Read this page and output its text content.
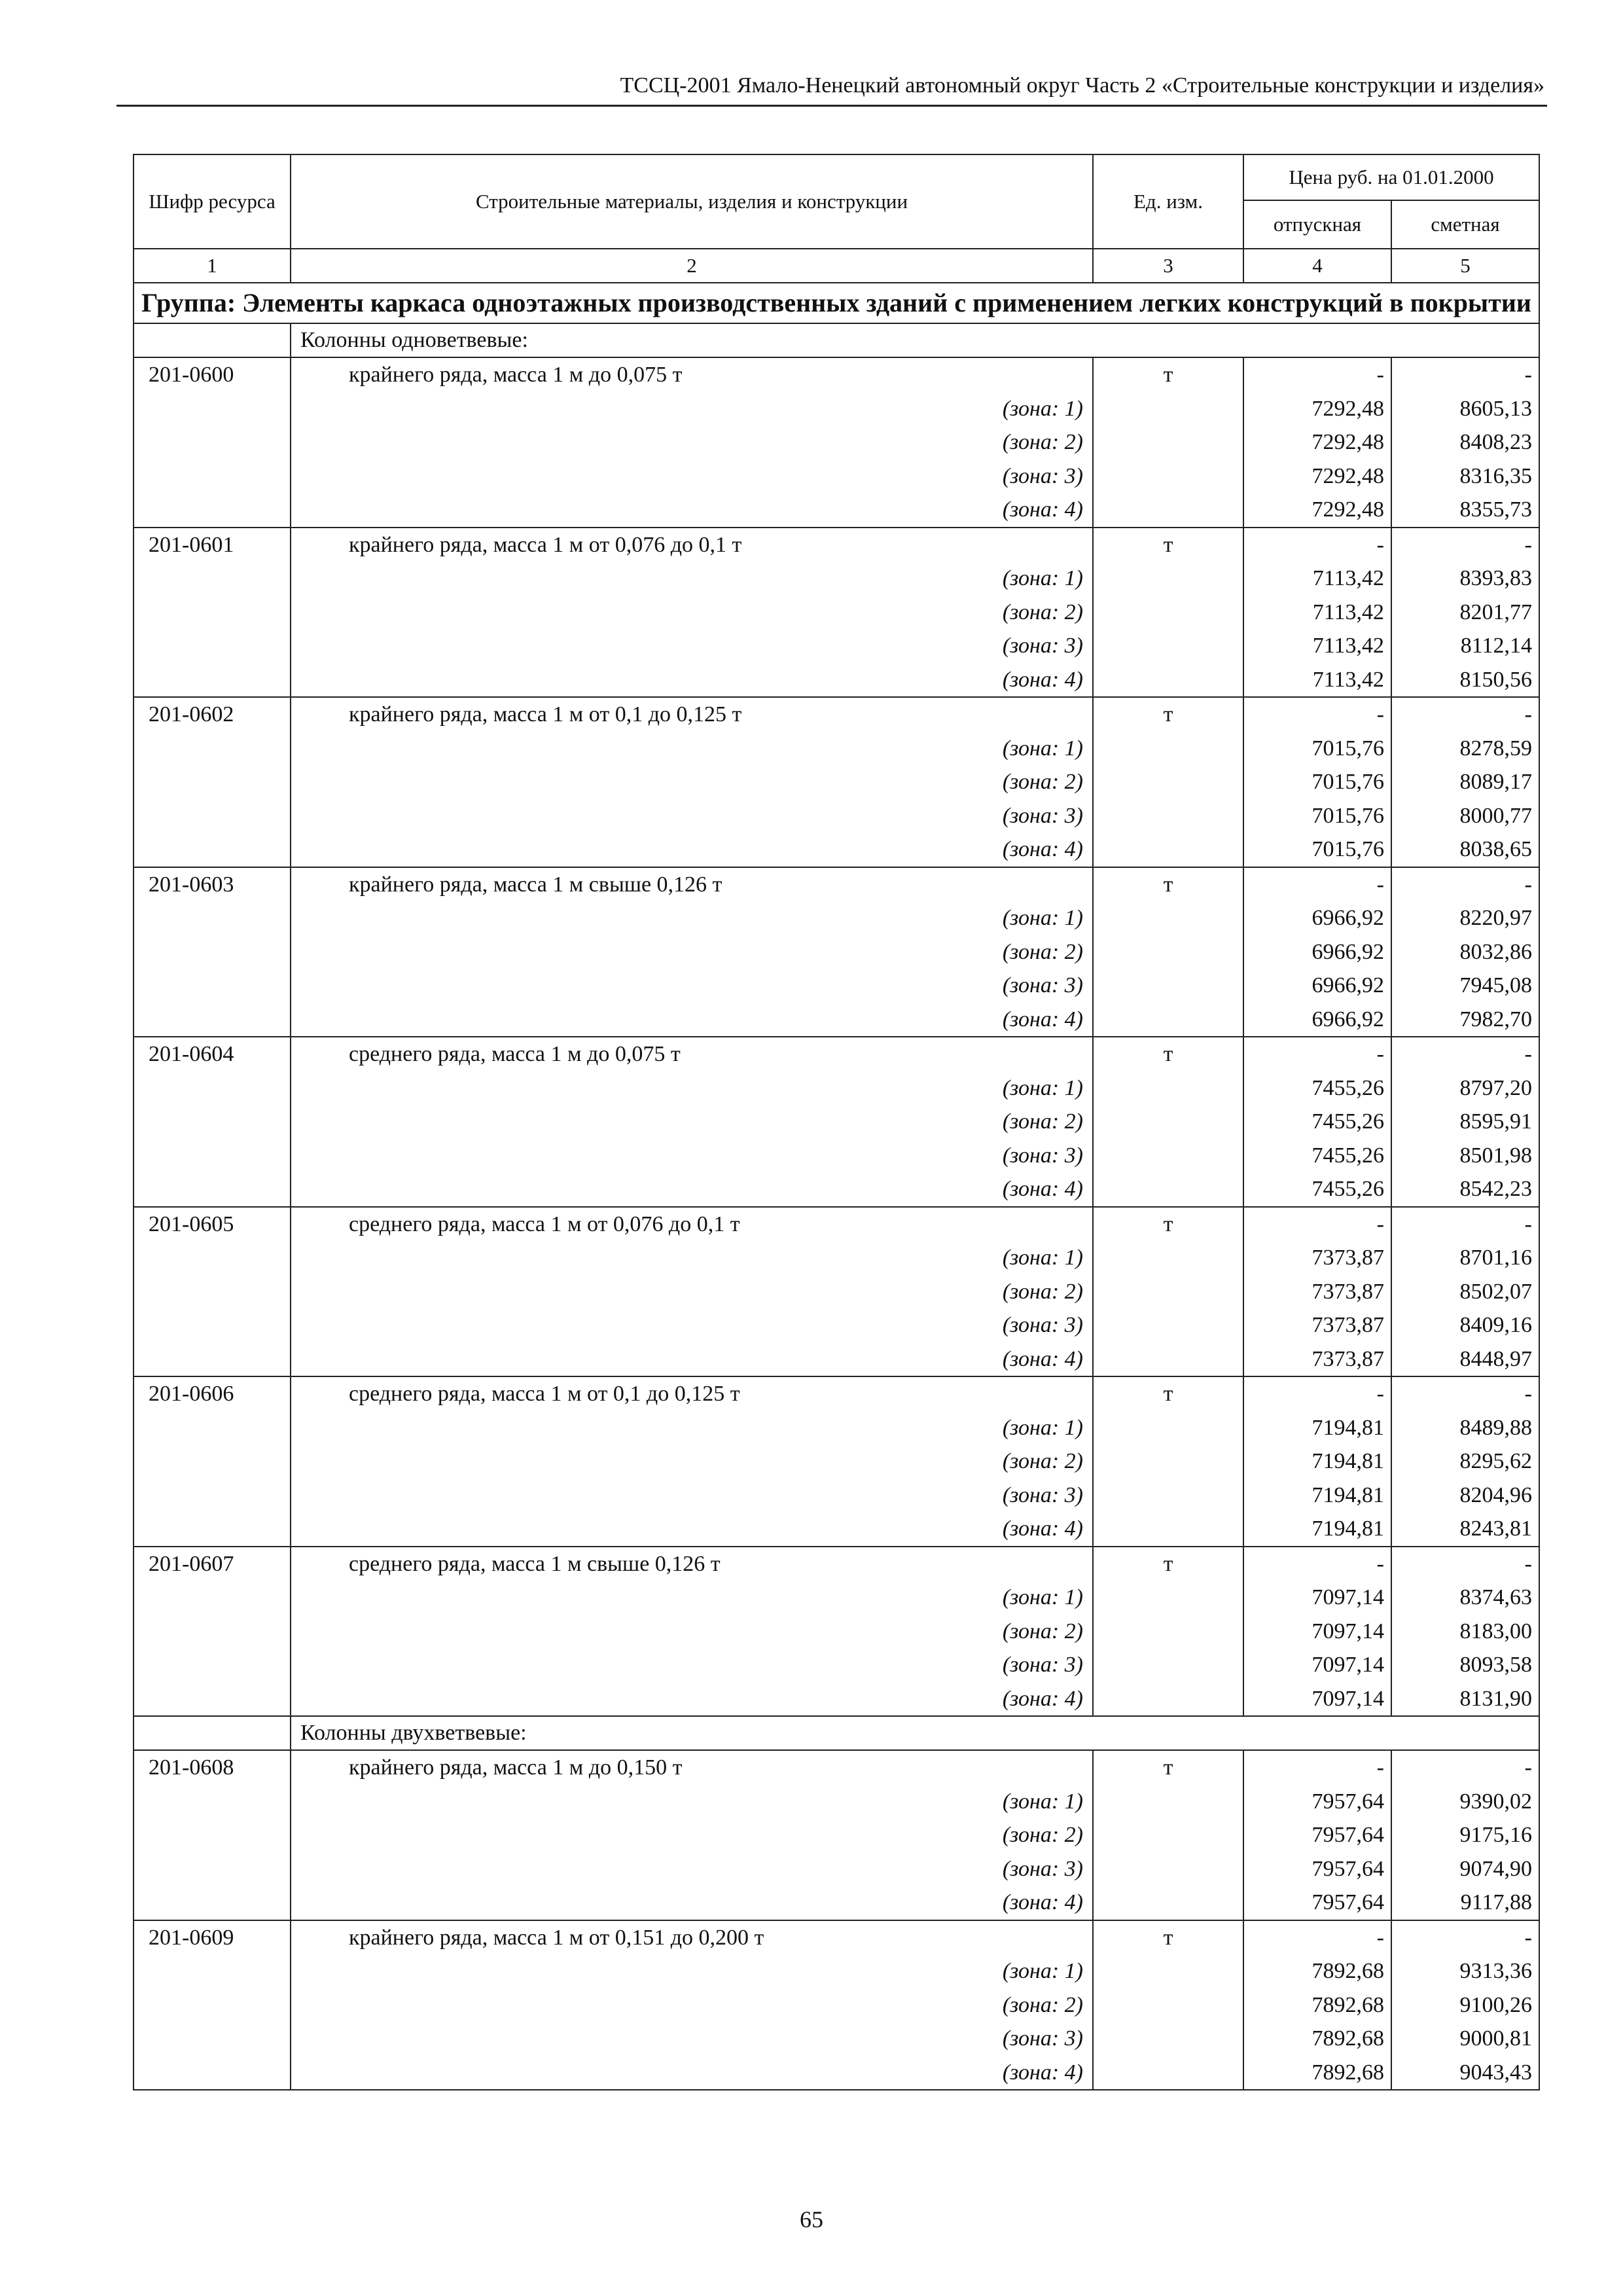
ТССЦ-2001 Ямало-Ненецкий автономный округ Часть 2 «Строительные конструкции и изделия»
Шифр ресурса	Строительные материалы, изделия и конструкции	Ед. изм.	Цена руб. на 01.01.2000	
			отпускная	сметная
1	2	3	4	5
Группа: Элементы каркаса одноэтажных производственных зданий с применением легких конструкций в покрытии				
	Колонны одноветвевые:			
201-0600	крайнего ряда, масса 1 м до 0,075 т	т	-	-
	(зона: 1)		7292,48	8605,13
	(зона: 2)		7292,48	8408,23
	(зона: 3)		7292,48	8316,35
	(зона: 4)		7292,48	8355,73
201-0601	крайнего ряда, масса 1 м от 0,076 до 0,1 т	т	-	-
	(зона: 1)		7113,42	8393,83
	(зона: 2)		7113,42	8201,77
	(зона: 3)		7113,42	8112,14
	(зона: 4)		7113,42	8150,56
201-0602	крайнего ряда, масса 1 м от 0,1 до 0,125 т	т	-	-
	(зона: 1)		7015,76	8278,59
	(зона: 2)		7015,76	8089,17
	(зона: 3)		7015,76	8000,77
	(зона: 4)		7015,76	8038,65
201-0603	крайнего ряда, масса 1 м свыше 0,126 т	т	-	-
	(зона: 1)		6966,92	8220,97
	(зона: 2)		6966,92	8032,86
	(зона: 3)		6966,92	7945,08
	(зона: 4)		6966,92	7982,70
201-0604	среднего ряда, масса 1 м до 0,075 т	т	-	-
	(зона: 1)		7455,26	8797,20
	(зона: 2)		7455,26	8595,91
	(зона: 3)		7455,26	8501,98
	(зона: 4)		7455,26	8542,23
201-0605	среднего ряда, масса 1 м от 0,076 до 0,1 т	т	-	-
	(зона: 1)		7373,87	8701,16
	(зона: 2)		7373,87	8502,07
	(зона: 3)		7373,87	8409,16
	(зона: 4)		7373,87	8448,97
201-0606	среднего ряда, масса 1 м от 0,1 до 0,125 т	т	-	-
	(зона: 1)		7194,81	8489,88
	(зона: 2)		7194,81	8295,62
	(зона: 3)		7194,81	8204,96
	(зона: 4)		7194,81	8243,81
201-0607	среднего ряда, масса 1 м свыше 0,126 т	т	-	-
	(зона: 1)		7097,14	8374,63
	(зона: 2)		7097,14	8183,00
	(зона: 3)		7097,14	8093,58
	(зона: 4)		7097,14	8131,90
	Колонны двухветвевые:			
201-0608	крайнего ряда, масса 1 м до 0,150 т	т	-	-
	(зона: 1)		7957,64	9390,02
	(зона: 2)		7957,64	9175,16
	(зона: 3)		7957,64	9074,90
	(зона: 4)		7957,64	9117,88
201-0609	крайнего ряда, масса 1 м от 0,151 до 0,200 т	т	-	-
	(зона: 1)		7892,68	9313,36
	(зона: 2)		7892,68	9100,26
	(зона: 3)		7892,68	9000,81
	(зона: 4)		7892,68	9043,43
65
